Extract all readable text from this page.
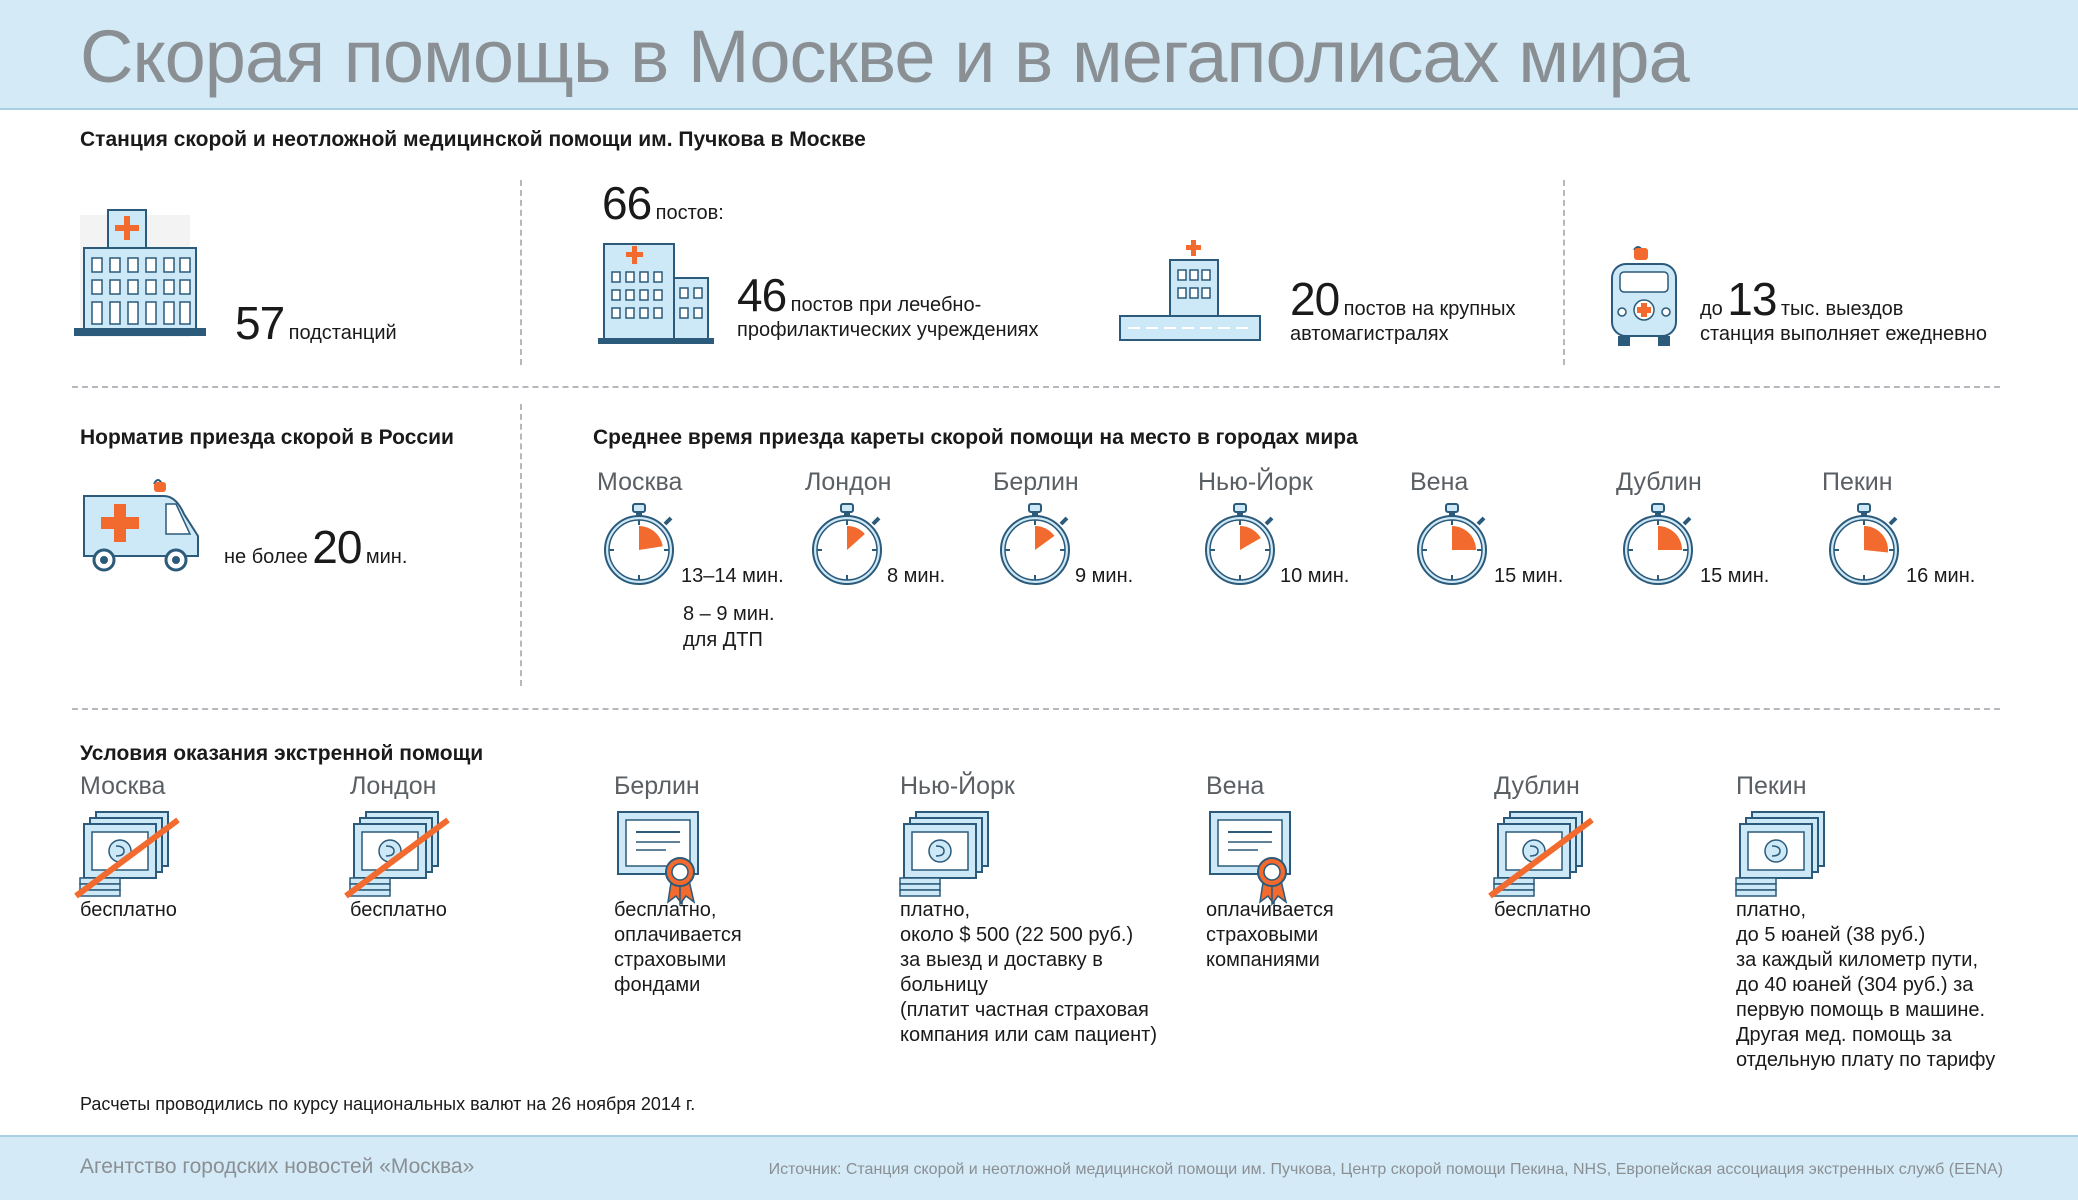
Скорая помощь в Москве и в мегаполисах мира
Станция скорой и неотложной медицинской помощи им. Пучкова в Москве
57 подстанций
66 постов:
46 постов при лечебно-
профилактических учреждениях
20 постов на крупных
автомагистралях
до 13 тыс. выездов
станция выполняет ежедневно
Норматив приезда скорой в России
не более 20 мин.
Среднее время приезда кареты скорой помощи на место в городах мира
Москва
13–14 мин.
Лондон
8 мин.
Берлин
9 мин.
Нью-Йорк
10 мин.
Вена
15 мин.
Дублин
15 мин.
Пекин
16 мин.
8 – 9 мин.
для ДТП
Условия оказания экстренной помощи
Москва
бесплатно
Лондон
бесплатно
Берлин
бесплатно,
оплачивается
страховыми
фондами
Нью-Йорк
платно,
около $ 500 (22 500 руб.)
за выезд и доставку в
больницу
(платит частная страховая
компания или сам пациент)
Вена
оплачивается
страховыми
компаниями
Дублин
бесплатно
Пекин
платно,
до 5 юаней (38 руб.)
за каждый километр пути,
до 40 юаней (304 руб.) за
первую помощь в машине.
Другая мед. помощь за
отдельную плату по тарифу
Расчеты проводились по курсу национальных валют на 26 ноября 2014 г.
Агентство городских новостей «Москва»	Источник: Станция скорой и неотложной медицинской помощи им. Пучкова, Центр скорой помощи Пекина, NHS, Европейская ассоциация экстренных служб (EENA)
